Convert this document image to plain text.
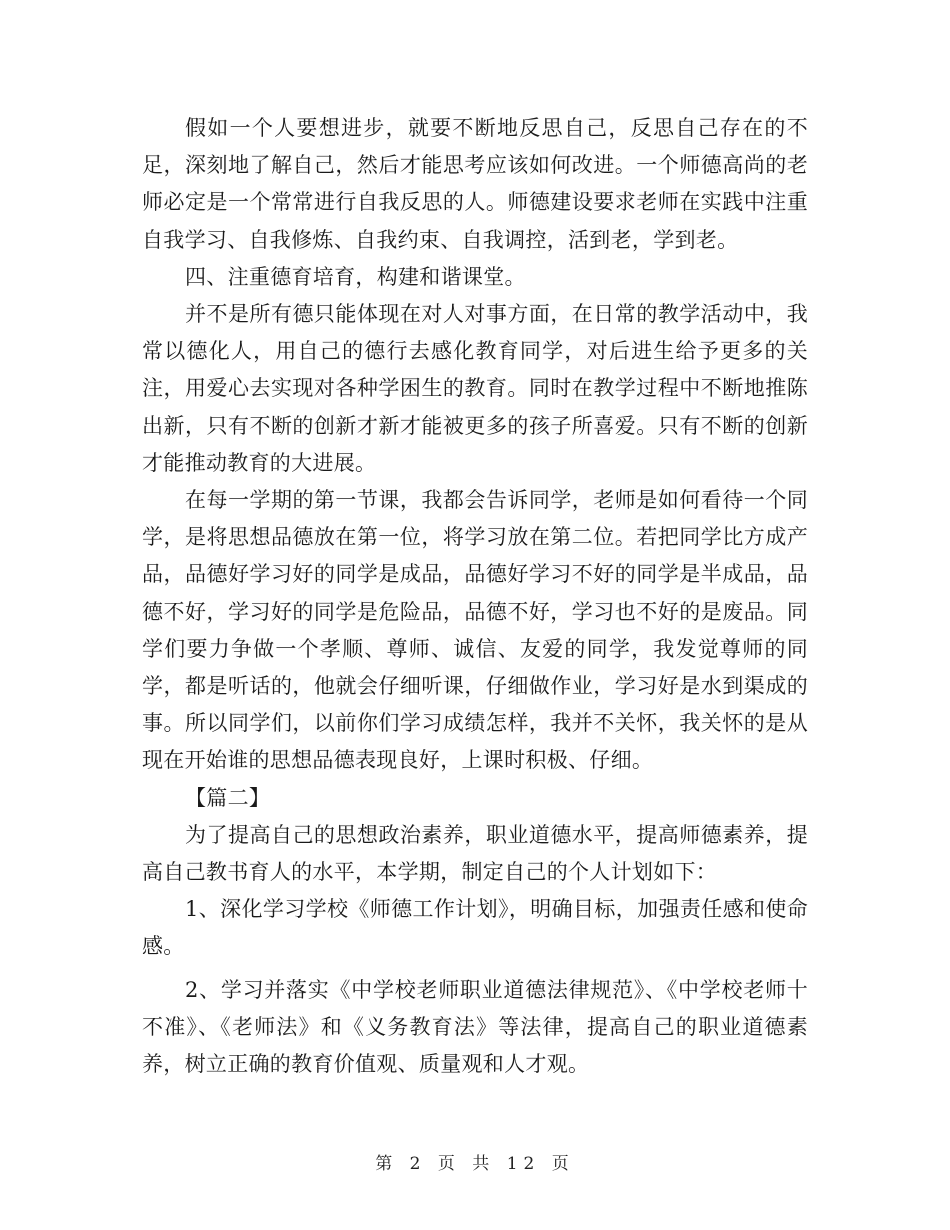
假如一个人要想进步，就要不断地反思自己，反思自己存在的不足，深刻地了解自己，然后才能思考应该如何改进。一个师德高尚的老师必定是一个常常进行自我反思的人。师德建设要求老师在实践中注重自我学习、自我修炼、自我约束、自我调控，活到老，学到老。

四、注重德育培育，构建和谐课堂。

并不是所有德只能体现在对人对事方面，在日常的教学活动中，我常以德化人，用自己的德行去感化教育同学，对后进生给予更多的关注，用爱心去实现对各种学困生的教育。同时在教学过程中不断地推陈出新，只有不断的创新才新才能被更多的孩子所喜爱。只有不断的创新才能推动教育的大进展。

在每一学期的第一节课，我都会告诉同学，老师是如何看待一个同学，是将思想品德放在第一位，将学习放在第二位。若把同学比方成产品，品德好学习好的同学是成品，品德好学习不好的同学是半成品，品德不好，学习好的同学是危险品，品德不好，学习也不好的是废品。同学们要力争做一个孝顺、尊师、诚信、友爱的同学，我发觉尊师的同学，都是听话的，他就会仔细听课，仔细做作业，学习好是水到渠成的事。所以同学们，以前你们学习成绩怎样，我并不关怀，我关怀的是从现在开始谁的思想品德表现良好，上课时积极、仔细。

【篇二】

为了提高自己的思想政治素养，职业道德水平，提高师德素养，提高自己教书育人的水平，本学期，制定自己的个人计划如下：

1、深化学习学校《师德工作计划》，明确目标，加强责任感和使命感。

2、学习并落实《中学校老师职业道德法律规范》、《中学校老师十不准》、《老师法》和《义务教育法》等法律，提高自己的职业道德素养，树立正确的教育价值观、质量观和人才观。

第 2 页 共 12 页
